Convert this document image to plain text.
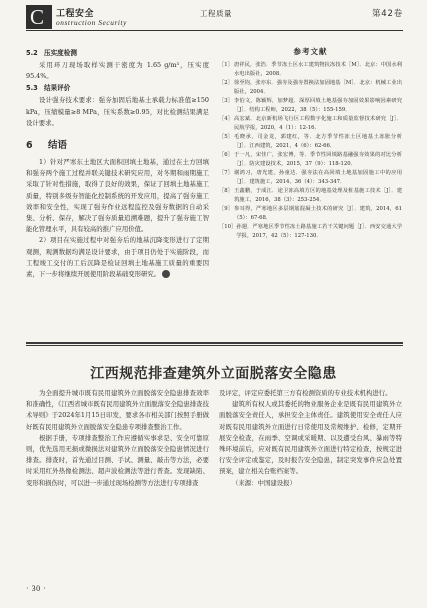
C 工程安全
onstruction Security
工程质量	第42卷
5.2 压实度检测

采用环刀现场取样实测干密度为 1.65 g/m³，压实度 95.4%。

5.3 结果评价

设计强夯技术要求：强夯加固后地基土承载力标准值≥150 kPa，压缩模量≥8 MPa，压实系数≥0.95，对比检测结果满足设计要求。

6 结语

1）针对严寒东土地区大面积回填土地基，通过在土方回填和强夯两个施工过程并联关键技术研究应用，对冬期和雨期施工采取了针对性措施，取得了良好的效果，保证了回填土地基施工质量，特别多级夯智能化控制系统的开发应用，提高了强夯施工效率和安全性，实现了强夯作业远程监控及强夯数据的自动采集、分析、保存，解决了强夯质量追溯难题，提升了强夯施工智能化管理水平，具有较高的推广应用价值。

2）项目在实施过程中对强夯后的地基沉降变形进行了定期观测，观测数据均满足设计要求，由于项目仍处于实施阶段，而工程竣工交付的工后沉降是检证回填土地基施工质量的重要因素，下一步将继续开展使用阶段基础变形研究。	◆

参考文献
［1］ 唐祥民，张浩．季节冻土区水工建筑物抗冻技术［M］．北京：中国水利水电出版社，2008．
［2］ 徐至钧，张亦东．强夯及强夯置换法加固地基［M］．北京：机械工业出版社，2004．
［3］ 李伯文，陈颖辉，加梦超．深厚回填土地基强夯加固效果影响因素研究［J］．结构工程师，2022，38（5）：155-159．
［4］ 高宏斌．北京新机场飞行区工程数字化施工和质量监督技术研究［J］．民航学报，2020，4（1）：12-16．
［5］ 毛晓承，司金龙，郭建红，等．北方季节性冻土区地基土冻胀分析［J］．江西建筑，2021，4（6）：62-66．
［6］ 于一凡，宋佳广，张宏博，等．季节性回填路基融强夯效果的对比分析［J］．防灾建设技术，2015，37（9）：118-120．
［7］ 谢鸿习，唐光建，孙童达．强夯法在高回填土地基加固施工中的应用［J］．建筑施工，2014，36（4）：343-347．
［8］ 王鑫鹏，于成江．途卫冻高填方区的地基处理及桩基施工技术［J］．建筑施工，2016，38（3）：253-254．
［9］ 参耳得，严寒地区多层钢筋混凝土技术的研究［J］．建筑，2014，61（5）：67-68．
［10］ 孙翅．严寒地区季节性冻土路基施工若干关键问题［J］．西安交通大学学报，2017，42（5）：127-130．
江西规范排查建筑外立面脱落安全隐患

为全面提升城市既有民用建筑外立面脱落安全隐患排查效率和准确性，《江西省城市既有民用建筑外立面脱落安全隐患排查技术导则》于2024年1月15日印发，要求各市相关部门按照手册做好既有民用建筑外立面脱落安全隐患专项排查整治工作。

根据手册，专项排查整治工作应遵循实事求是、安全可靠原则，优先选用无损或微损法对建筑外立面脱落安全隐患情况进行排查。排查时，首先通过目测、手试、测量、敲击等方法，必要时采用红外热像检测法、超声波检测法等进行普查。发现缺陷、变形和损伤时，可以进一步通过现场检测等方法进行专项排查

及评定，评定应委托第三方有检测资质的专业技术机构进行。

建筑所有权人或其委托的物业服务企业是既有民用建筑外立面脱落安全责任人，承担安全主体责任。建筑使用安全责任人应对既有民用建筑外立面进行日常使用及常规维护、检修，定期开展安全检查，在雨季、空调或采暖期、以及遭受台风、暴雨等特殊环境前后，应对既有民用建筑外立面进行特定检查，按规定进行安全评定或鉴定，及时报告安全隐患，制定突发事件应急处置预案，建立相关台账档案等。

（来源：中国建设报）

· 30 ·
